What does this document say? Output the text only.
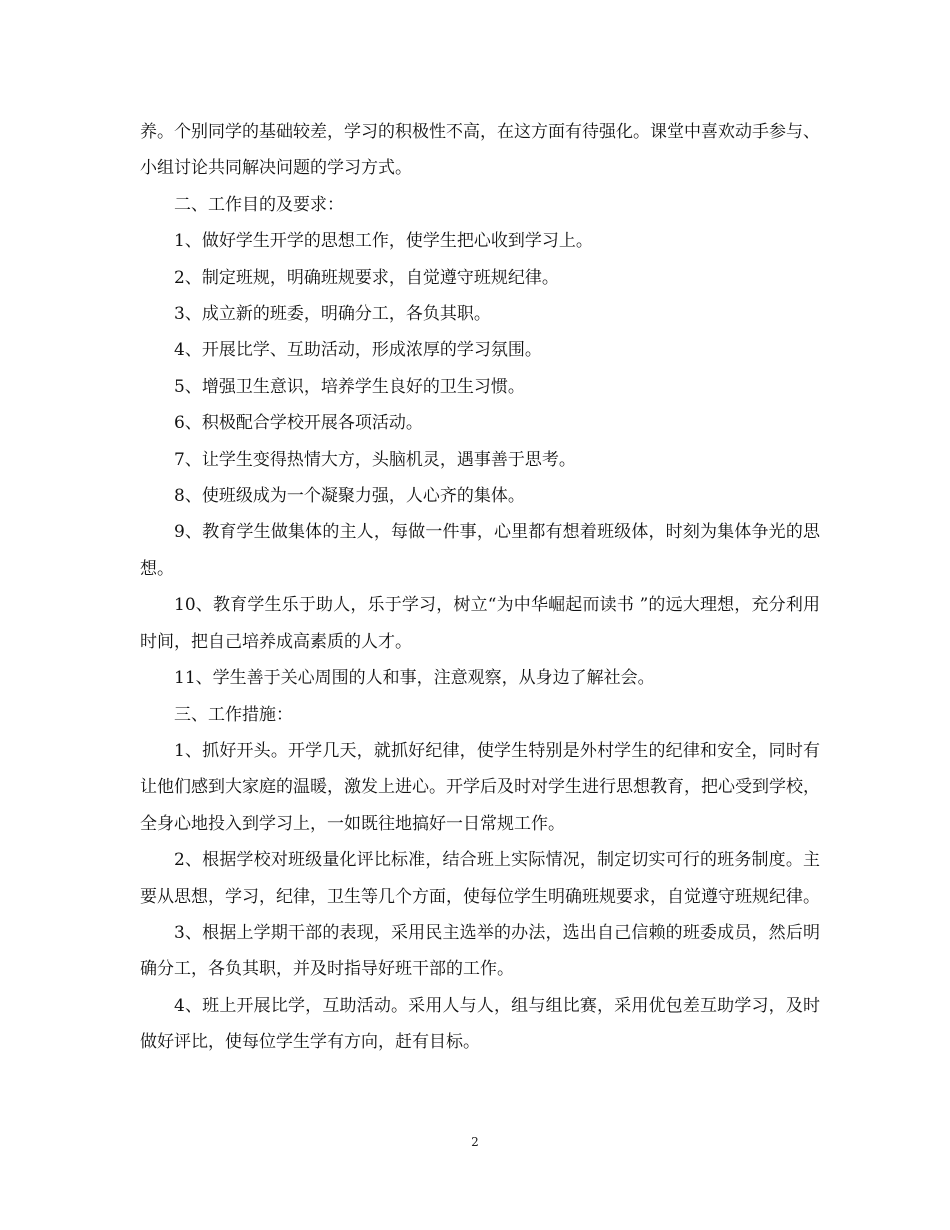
养。个别同学的基础较差，学习的积极性不高，在这方面有待强化。课堂中喜欢动手参与、小组讨论共同解决问题的学习方式。

二、工作目的及要求：

1、做好学生开学的思想工作，使学生把心收到学习上。

2、制定班规，明确班规要求，自觉遵守班规纪律。

3、成立新的班委，明确分工，各负其职。

4、开展比学、互助活动，形成浓厚的学习氛围。

5、增强卫生意识，培养学生良好的卫生习惯。

6、积极配合学校开展各项活动。

7、让学生变得热情大方，头脑机灵，遇事善于思考。

8、使班级成为一个凝聚力强，人心齐的集体。

9、教育学生做集体的主人，每做一件事，心里都有想着班级体，时刻为集体争光的思想。

10、教育学生乐于助人，乐于学习，树立“为中华崛起而读书 ”的远大理想，充分利用时间，把自己培养成高素质的人才。

11、学生善于关心周围的人和事，注意观察，从身边了解社会。

三、工作措施：

1、抓好开头。开学几天，就抓好纪律，使学生特别是外村学生的纪律和安全，同时有让他们感到大家庭的温暖，激发上进心。开学后及时对学生进行思想教育，把心受到学校，全身心地投入到学习上，一如既往地搞好一日常规工作。

2、根据学校对班级量化评比标准，结合班上实际情况，制定切实可行的班务制度。主要从思想，学习，纪律，卫生等几个方面，使每位学生明确班规要求，自觉遵守班规纪律。

3、根据上学期干部的表现，采用民主选举的办法，选出自己信赖的班委成员，然后明确分工，各负其职，并及时指导好班干部的工作。

4、班上开展比学，互助活动。采用人与人，组与组比赛，采用优包差互助学习，及时做好评比，使每位学生学有方向，赶有目标。

2
